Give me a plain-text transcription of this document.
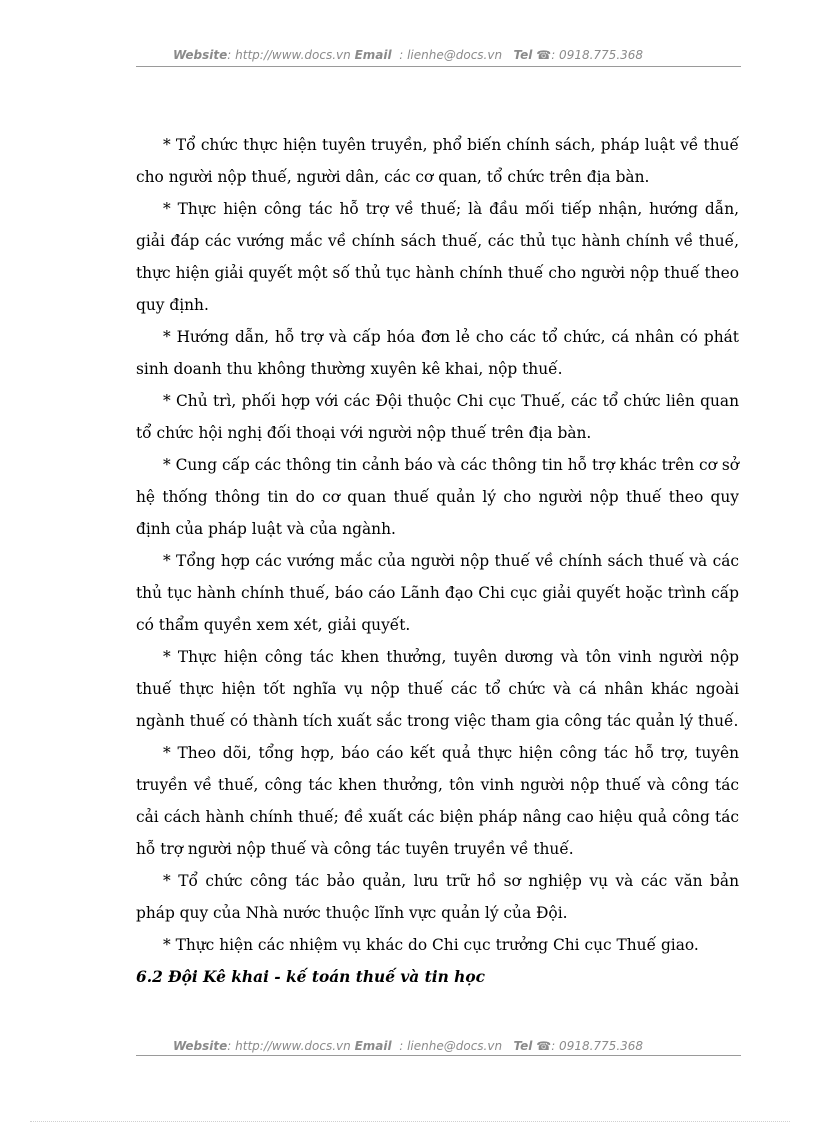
Website: http://www.docs.vn Email : lienhe@docs.vn Tel ☎: 0918.775.368

* Tổ chức thực hiện tuyên truyền, phổ biến chính sách, pháp luật về thuế cho người nộp thuế, người dân, các cơ quan, tổ chức trên địa bàn.

* Thực hiện công tác hỗ trợ về thuế; là đầu mối tiếp nhận, hướng dẫn, giải đáp các vướng mắc về chính sách thuế, các thủ tục hành chính về thuế, thực hiện giải quyết một số thủ tục hành chính thuế cho người nộp thuế theo quy định.

* Hướng dẫn, hỗ trợ và cấp hóa đơn lẻ cho các tổ chức, cá nhân có phát sinh doanh thu không thường xuyên kê khai, nộp thuế.

* Chủ trì, phối hợp với các Đội thuộc Chi cục Thuế, các tổ chức liên quan tổ chức hội nghị đối thoại với người nộp thuế trên địa bàn.

* Cung cấp các thông tin cảnh báo và các thông tin hỗ trợ khác trên cơ sở hệ thống thông tin do cơ quan thuế quản lý cho người nộp thuế theo quy định của pháp luật và của ngành.

* Tổng hợp các vướng mắc của người nộp thuế về chính sách thuế và các thủ tục hành chính thuế, báo cáo Lãnh đạo Chi cục giải quyết hoặc trình cấp có thẩm quyền xem xét, giải quyết.

* Thực hiện công tác khen thưởng, tuyên dương và tôn vinh người nộp thuế thực hiện tốt nghĩa vụ nộp thuế các tổ chức và cá nhân khác ngoài ngành thuế có thành tích xuất sắc trong việc tham gia công tác quản lý thuế.

* Theo dõi, tổng hợp, báo cáo kết quả thực hiện công tác hỗ trợ, tuyên truyền về thuế, công tác khen thưởng, tôn vinh người nộp thuế và công tác cải cách hành chính thuế; đề xuất các biện pháp nâng cao hiệu quả công tác hỗ trợ người nộp thuế và công tác tuyên truyền về thuế.

* Tổ chức công tác bảo quản, lưu trữ hồ sơ nghiệp vụ và các văn bản pháp quy của Nhà nước thuộc lĩnh vực quản lý của Đội.

* Thực hiện các nhiệm vụ khác do Chi cục trưởng Chi cục Thuế giao.

6.2 Đội Kê khai - kế toán thuế và tin học

Website: http://www.docs.vn Email : lienhe@docs.vn Tel ☎: 0918.775.368
